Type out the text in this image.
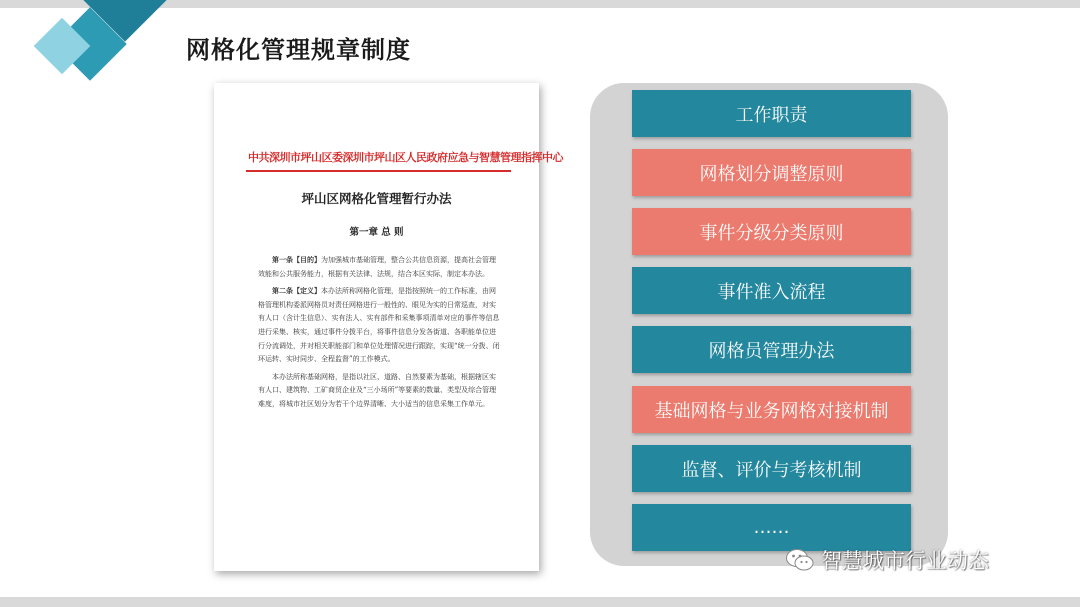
网格化管理规章制度
中共深圳市坪山区委深圳市坪山区人民政府应急与智慧管理指挥中心
坪山区网格化管理暂行办法
第一章 总 则

第一条【目的】为加强城市基础管理，整合公共信息资源，提高社会管理效能和公共服务能力，根据有关法律、法规，结合本区实际，制定本办法。

第二条【定义】本办法所称网格化管理，是指按照统一的工作标准，由网格管理机构委派网格员对责任网格进行一般性的、眼见为实的日常巡查，对实有人口（含计生信息）、实有法人、实有部件和采集事项清单对应的事件等信息进行采集、核实，通过事件分拨平台，将事件信息分发各街道、各职能单位进行分流调处，并对相关职能部门和单位处理情况进行跟踪，实现“统一分拨、闭环运转、实时同步、全程监督”的工作模式。

本办法所称基础网格，是指以社区、道路、自然要素为基础，根据辖区实有人口、建筑物、工矿商贸企业及“三小场所”等要素的数量、类型及综合管理难度，将城市社区划分为若干个边界清晰、大小适当的信息采集工作单元。

工作职责
网格划分调整原则
事件分级分类原则
事件准入流程
网格员管理办法
基础网格与业务网格对接机制
监督、评价与考核机制
……
智慧城市行业动态
